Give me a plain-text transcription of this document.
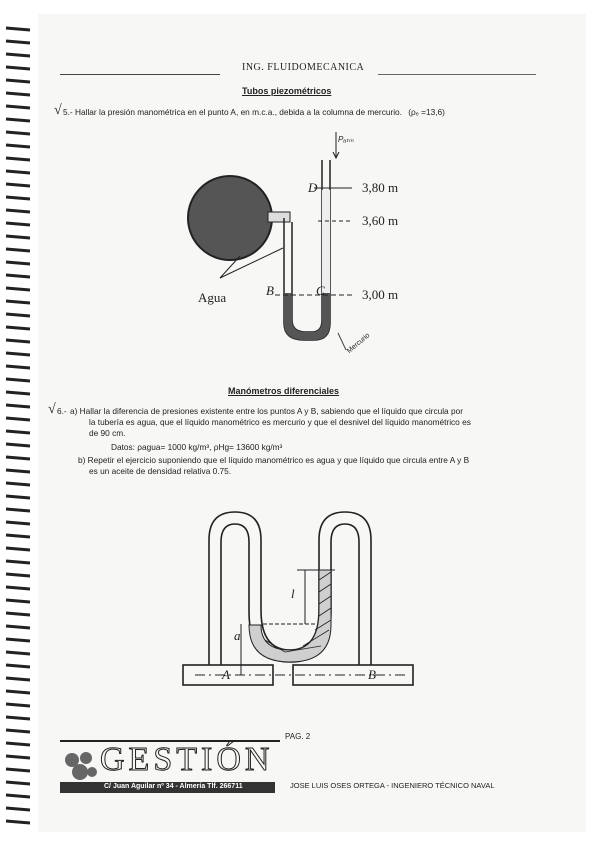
ING. FLUIDOMECANICA
Tubos piezométricos
√ 5.- Hallar la presión manométrica en el punto A, en m.c.a., debida a la columna de mercurio. (ρₑ =13,6)
3,80 m
3,60 m
3,00 m
D
B	C
Agua
Pₐₜₘ
Mercurio
Manómetros diferenciales
√ 6.- a) Hallar la diferencia de presiones existente entre los puntos A y B, sabiendo que el líquido que circula por
la tubería es agua, que el líquido manométrico es mercurio y que el desnivel del líquido manométrico es
de 90 cm.
Datos: ρagua= 1000 kg/m³, ρHg= 13600 kg/m³
b) Repetir el ejercicio suponiendo que el líquido manométrico es agua y que líquido que circula entre A y B
es un aceite de densidad relativa 0.75.
l
a
A	B
PAG. 2
GESTIÓN
C/ Juan Aguilar nº 34 - Almería Tlf. 266711	JOSE LUIS OSES ORTEGA - INGENIERO TÉCNICO NAVAL
